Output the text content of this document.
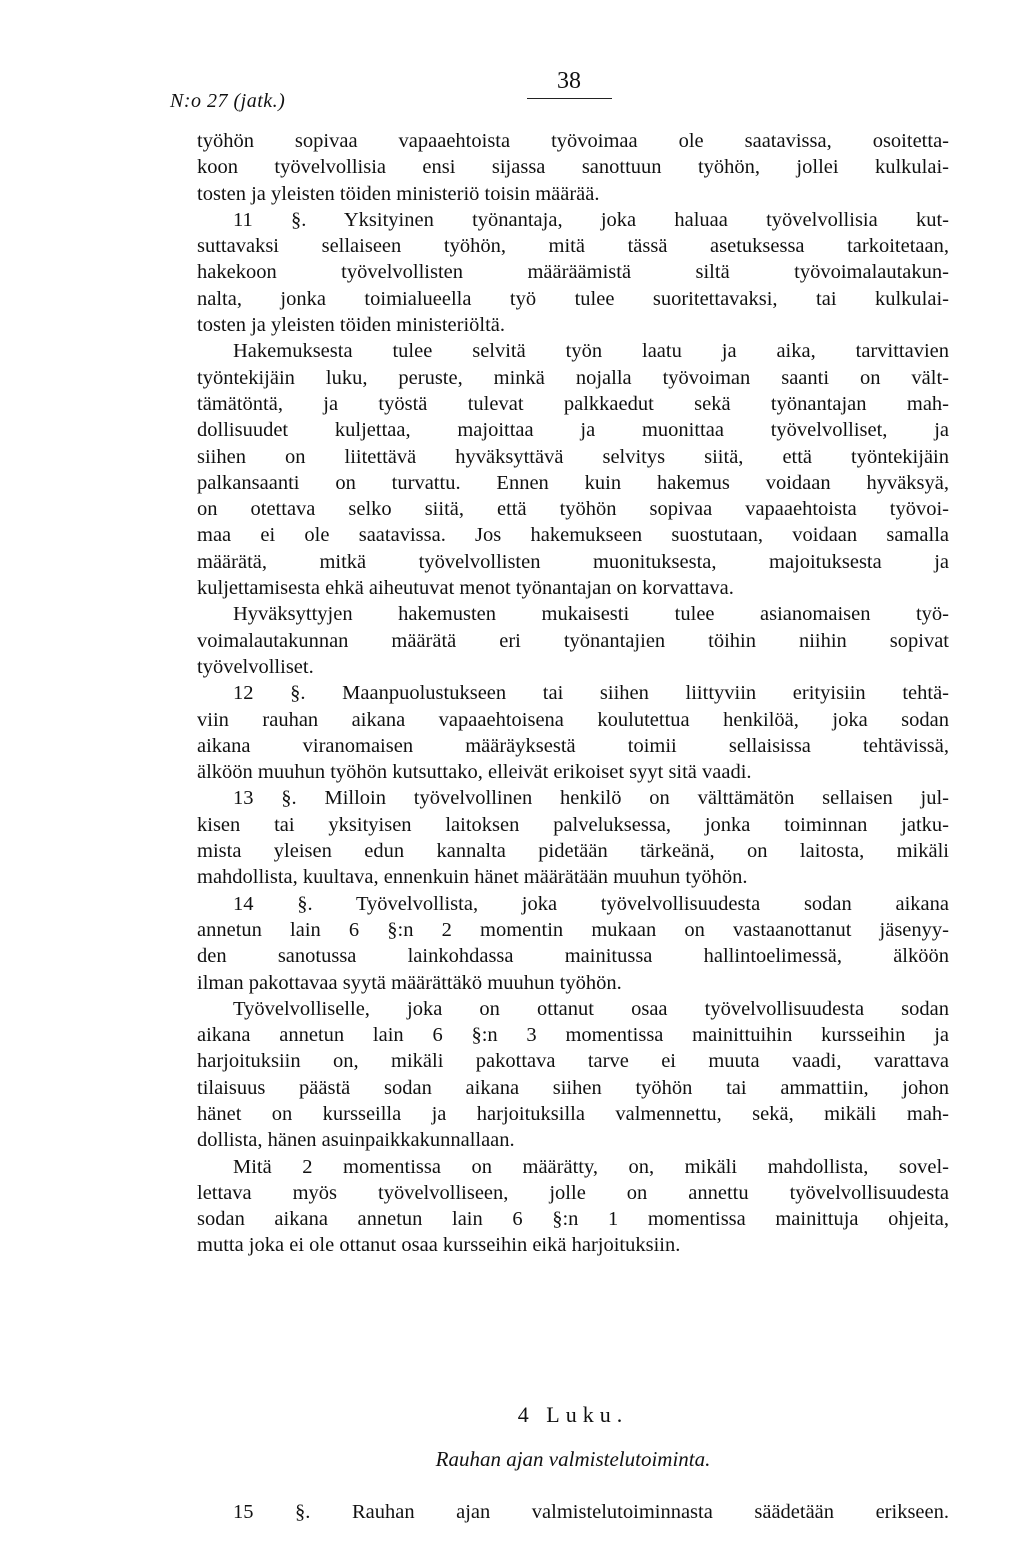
N:o 27 (jatk.)
38
työhön sopivaa vapaaehtoista työvoimaa ole saatavissa, osoitetta-
koon työvelvollisia ensi sijassa sanottuun työhön, jollei kulkulai-
tosten ja yleisten töiden ministeriö toisin määrää.
11 §. Yksityinen työnantaja, joka haluaa työvelvollisia kut-
suttavaksi sellaiseen työhön, mitä tässä asetuksessa tarkoitetaan,
hakekoon työvelvollisten määräämistä siltä työvoimalautakun-
nalta, jonka toimialueella työ tulee suoritettavaksi, tai kulkulai-
tosten ja yleisten töiden ministeriöltä.
Hakemuksesta tulee selvitä työn laatu ja aika, tarvittavien
työntekijäin luku, peruste, minkä nojalla työvoiman saanti on vält-
tämätöntä, ja työstä tulevat palkkaedut sekä työnantajan mah-
dollisuudet kuljettaa, majoittaa ja muonittaa työvelvolliset, ja
siihen on liitettävä hyväksyttävä selvitys siitä, että työntekijäin
palkansaanti on turvattu. Ennen kuin hakemus voidaan hyväksyä,
on otettava selko siitä, että työhön sopivaa vapaaehtoista työvoi-
maa ei ole saatavissa. Jos hakemukseen suostutaan, voidaan samalla
määrätä, mitkä työvelvollisten muonituksesta, majoituksesta ja
kuljettamisesta ehkä aiheutuvat menot työnantajan on korvattava.
Hyväksyttyjen hakemusten mukaisesti tulee asianomaisen työ-
voimalautakunnan määrätä eri työnantajien töihin niihin sopivat
työvelvolliset.
12 §. Maanpuolustukseen tai siihen liittyviin erityisiin tehtä-
viin rauhan aikana vapaaehtoisena koulutettua henkilöä, joka sodan
aikana viranomaisen määräyksestä toimii sellaisissa tehtävissä,
älköön muuhun työhön kutsuttako, elleivät erikoiset syyt sitä vaadi.
13 §. Milloin työvelvollinen henkilö on välttämätön sellaisen jul-
kisen tai yksityisen laitoksen palveluksessa, jonka toiminnan jatku-
mista yleisen edun kannalta pidetään tärkeänä, on laitosta, mikäli
mahdollista, kuultava, ennenkuin hänet määrätään muuhun työhön.
14 §. Työvelvollista, joka työvelvollisuudesta sodan aikana
annetun lain 6 §:n 2 momentin mukaan on vastaanottanut jäsenyy-
den sanotussa lainkohdassa mainitussa hallintoelimessä, älköön
ilman pakottavaa syytä määrättäkö muuhun työhön.
Työvelvolliselle, joka on ottanut osaa työvelvollisuudesta sodan
aikana annetun lain 6 §:n 3 momentissa mainittuihin kursseihin ja
harjoituksiin on, mikäli pakottava tarve ei muuta vaadi, varattava
tilaisuus päästä sodan aikana siihen työhön tai ammattiin, johon
hänet on kursseilla ja harjoituksilla valmennettu, sekä, mikäli mah-
dollista, hänen asuinpaikkakunnallaan.
Mitä 2 momentissa on määrätty, on, mikäli mahdollista, sovel-
lettava myös työvelvolliseen, jolle on annettu työvelvollisuudesta
sodan aikana annetun lain 6 §:n 1 momentissa mainittuja ohjeita,
mutta joka ei ole ottanut osaa kursseihin eikä harjoituksiin.
4 Luku.
Rauhan ajan valmistelutoiminta.
15 §. Rauhan ajan valmistelutoiminnasta säädetään erikseen.
